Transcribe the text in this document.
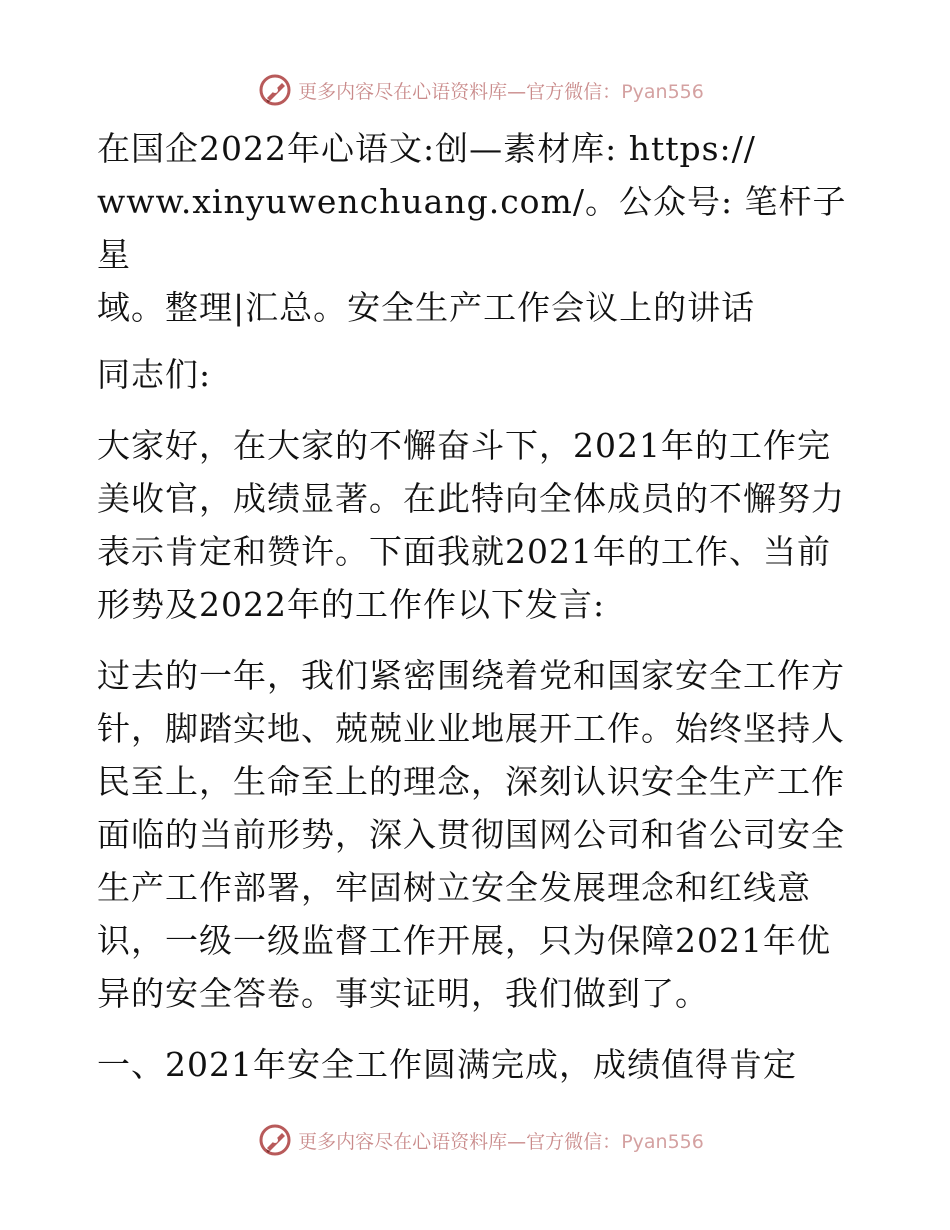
更多内容尽在心语资料库—官方微信：Pyan556

在国企2022年心语文:创—素材库: https://
www.xinyuwenchuang.com/。公众号: 笔杆子星
域。整理|汇总。安全生产工作会议上的讲话

同志们:

大家好，在大家的不懈奋斗下，2021年的工作完美收官，成绩显著。在此特向全体成员的不懈努力表示肯定和赞许。下面我就2021年的工作、当前形势及2022年的工作作以下发言:

过去的一年，我们紧密围绕着党和国家安全工作方针，脚踏实地、兢兢业业地展开工作。始终坚持人民至上，生命至上的理念，深刻认识安全生产工作面临的当前形势，深入贯彻国网公司和省公司安全生产工作部署，牢固树立安全发展理念和红线意识，一级一级监督工作开展，只为保障2021年优异的安全答卷。事实证明，我们做到了。

一、2021年安全工作圆满完成，成绩值得肯定

更多内容尽在心语资料库—官方微信：Pyan556
